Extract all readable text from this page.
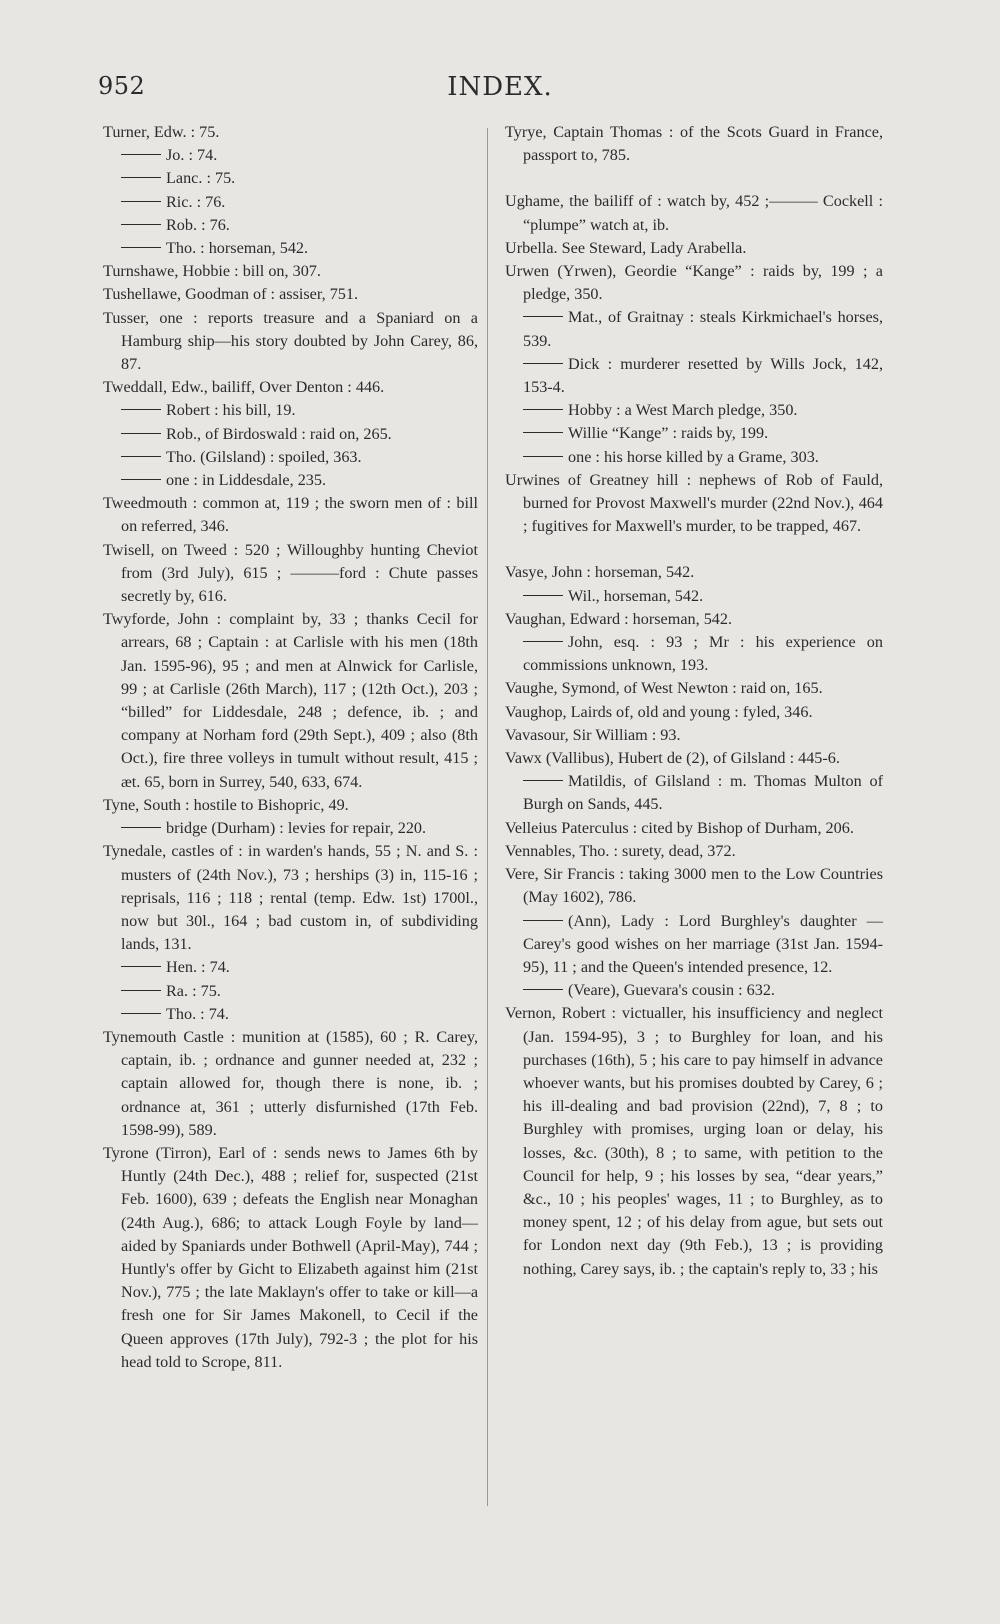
952	INDEX.
Turner, Edw. : 75.
Jo. : 74.
Lanc. : 75.
Ric. : 76.
Rob. : 76.
Tho. : horseman, 542.
Turnshawe, Hobbie : bill on, 307.
Tushellawe, Goodman of : assiser, 751.
Tusser, one : reports treasure and a Spaniard on a Hamburg ship—his story doubted by John Carey, 86, 87.
Tweddall, Edw., bailiff, Over Denton : 446.
Robert : his bill, 19.
Rob., of Birdoswald : raid on, 265.
Tho. (Gilsland) : spoiled, 363.
one : in Liddesdale, 235.
Tweedmouth : common at, 119 ; the sworn men of : bill on referred, 346.
Twisell, on Tweed : 520 ; Willoughby hunting Cheviot from (3rd July), 615 ; ———ford : Chute passes secretly by, 616.
Twyforde, John : complaint by, 33 ; thanks Cecil for arrears, 68 ; Captain : at Carlisle with his men (18th Jan. 1595-96), 95 ; and men at Alnwick for Carlisle, 99 ; at Carlisle (26th March), 117 ; (12th Oct.), 203 ; “billed” for Liddesdale, 248 ; defence, ib. ; and company at Norham ford (29th Sept.), 409 ; also (8th Oct.), fire three volleys in tumult without result, 415 ; æt. 65, born in Surrey, 540, 633, 674.
Tyne, South : hostile to Bishopric, 49.
bridge (Durham) : levies for repair, 220.
Tynedale, castles of : in warden's hands, 55 ; N. and S. : musters of (24th Nov.), 73 ; herships (3) in, 115-16 ; reprisals, 116 ; 118 ; rental (temp. Edw. 1st) 1700l., now but 30l., 164 ; bad custom in, of subdividing lands, 131.
Hen. : 74.
Ra. : 75.
Tho. : 74.
Tynemouth Castle : munition at (1585), 60 ; R. Carey, captain, ib. ; ordnance and gunner needed at, 232 ; captain allowed for, though there is none, ib. ; ordnance at, 361 ; utterly disfurnished (17th Feb. 1598-99), 589.
Tyrone (Tirron), Earl of : sends news to James 6th by Huntly (24th Dec.), 488 ; relief for, suspected (21st Feb. 1600), 639 ; defeats the English near Monaghan (24th Aug.), 686; to attack Lough Foyle by land—aided by Spaniards under Bothwell (April-May), 744 ; Huntly's offer by Gicht to Elizabeth against him (21st Nov.), 775 ; the late Maklayn's offer to take or kill—a fresh one for Sir James Makonell, to Cecil if the Queen approves (17th July), 792-3 ; the plot for his head told to Scrope, 811.
Tyrye, Captain Thomas : of the Scots Guard in France, passport to, 785.
Ughame, the bailiff of : watch by, 452 ;——— Cockell : “plumpe” watch at, ib.
Urbella. See Steward, Lady Arabella.
Urwen (Yrwen), Geordie “Kange” : raids by, 199 ; a pledge, 350.
Mat., of Graitnay : steals Kirkmichael's horses, 539.
Dick : murderer resetted by Wills Jock, 142, 153-4.
Hobby : a West March pledge, 350.
Willie “Kange” : raids by, 199.
one : his horse killed by a Grame, 303.
Urwines of Greatney hill : nephews of Rob of Fauld, burned for Provost Maxwell's murder (22nd Nov.), 464 ; fugitives for Maxwell's murder, to be trapped, 467.
Vasye, John : horseman, 542.
Wil., horseman, 542.
Vaughan, Edward : horseman, 542.
John, esq. : 93 ; Mr : his experience on commissions unknown, 193.
Vaughe, Symond, of West Newton : raid on, 165.
Vaughop, Lairds of, old and young : fyled, 346.
Vavasour, Sir William : 93.
Vawx (Vallibus), Hubert de (2), of Gilsland : 445-6.
Matildis, of Gilsland : m. Thomas Multon of Burgh on Sands, 445.
Velleius Paterculus : cited by Bishop of Durham, 206.
Vennables, Tho. : surety, dead, 372.
Vere, Sir Francis : taking 3000 men to the Low Countries (May 1602), 786.
(Ann), Lady : Lord Burghley's daughter —Carey's good wishes on her marriage (31st Jan. 1594-95), 11 ; and the Queen's intended presence, 12.
(Veare), Guevara's cousin : 632.
Vernon, Robert : victualler, his insufficiency and neglect (Jan. 1594-95), 3 ; to Burghley for loan, and his purchases (16th), 5 ; his care to pay himself in advance whoever wants, but his promises doubted by Carey, 6 ; his ill-dealing and bad provision (22nd), 7, 8 ; to Burghley with promises, urging loan or delay, his losses, &c. (30th), 8 ; to same, with petition to the Council for help, 9 ; his losses by sea, “dear years,” &c., 10 ; his peoples' wages, 11 ; to Burghley, as to money spent, 12 ; of his delay from ague, but sets out for London next day (9th Feb.), 13 ; is providing nothing, Carey says, ib. ; the captain's reply to, 33 ; his
